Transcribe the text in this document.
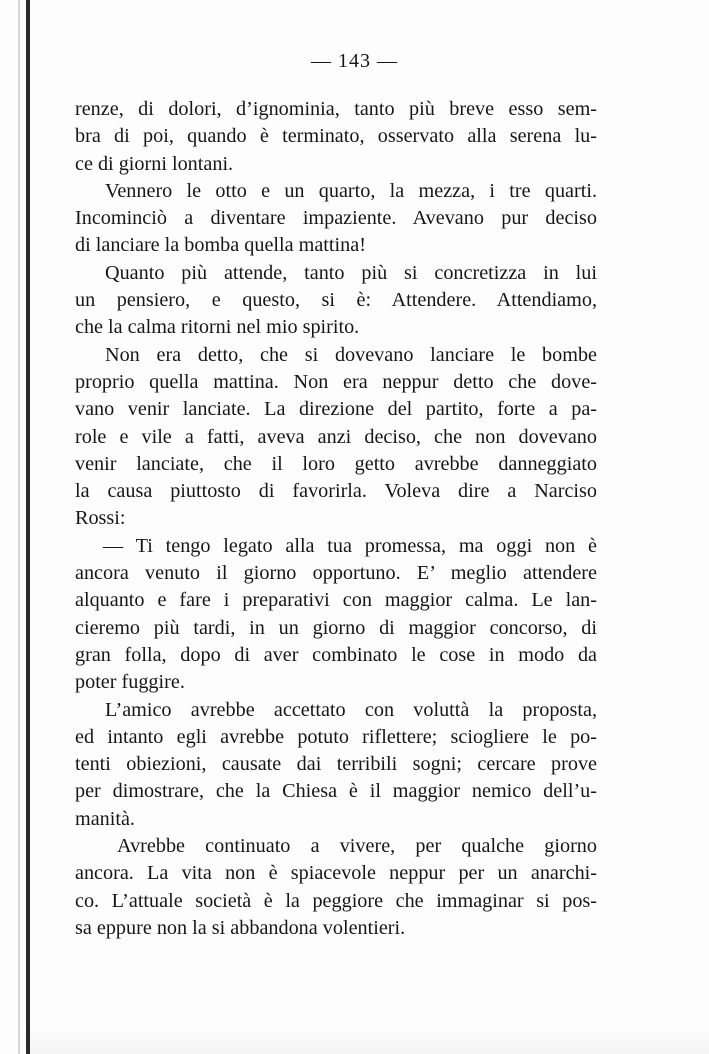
— 143 —
renze, di dolori, d’ignominia, tanto più breve esso sem-
bra di poi, quando è terminato, osservato alla serena lu-
ce di giorni lontani.
Vennero le otto e un quarto, la mezza, i tre quarti.
Incominciò a diventare impaziente. Avevano pur deciso
di lanciare la bomba quella mattina!
Quanto più attende, tanto più si concretizza in lui
un pensiero, e questo, si è: Attendere. Attendiamo,
che la calma ritorni nel mio spirito.
Non era detto, che si dovevano lanciare le bombe
proprio quella mattina. Non era neppur detto che dove-
vano venir lanciate. La direzione del partito, forte a pa-
role e vile a fatti, aveva anzi deciso, che non dovevano
venir lanciate, che il loro getto avrebbe danneggiato
la causa piuttosto di favorirla. Voleva dire a Narciso
Rossi:
— Ti tengo legato alla tua promessa, ma oggi non è
ancora venuto il giorno opportuno. E’ meglio attendere
alquanto e fare i preparativi con maggior calma. Le lan-
cieremo più tardi, in un giorno di maggior concorso, di
gran folla, dopo di aver combinato le cose in modo da
poter fuggire.
L’amico avrebbe accettato con voluttà la proposta,
ed intanto egli avrebbe potuto riflettere; sciogliere le po-
tenti obiezioni, causate dai terribili sogni; cercare prove
per dimostrare, che la Chiesa è il maggior nemico dell’u-
manità.
Avrebbe continuato a vivere, per qualche giorno
ancora. La vita non è spiacevole neppur per un anarchi-
co. L’attuale società è la peggiore che immaginar si pos-
sa eppure non la si abbandona volentieri.
